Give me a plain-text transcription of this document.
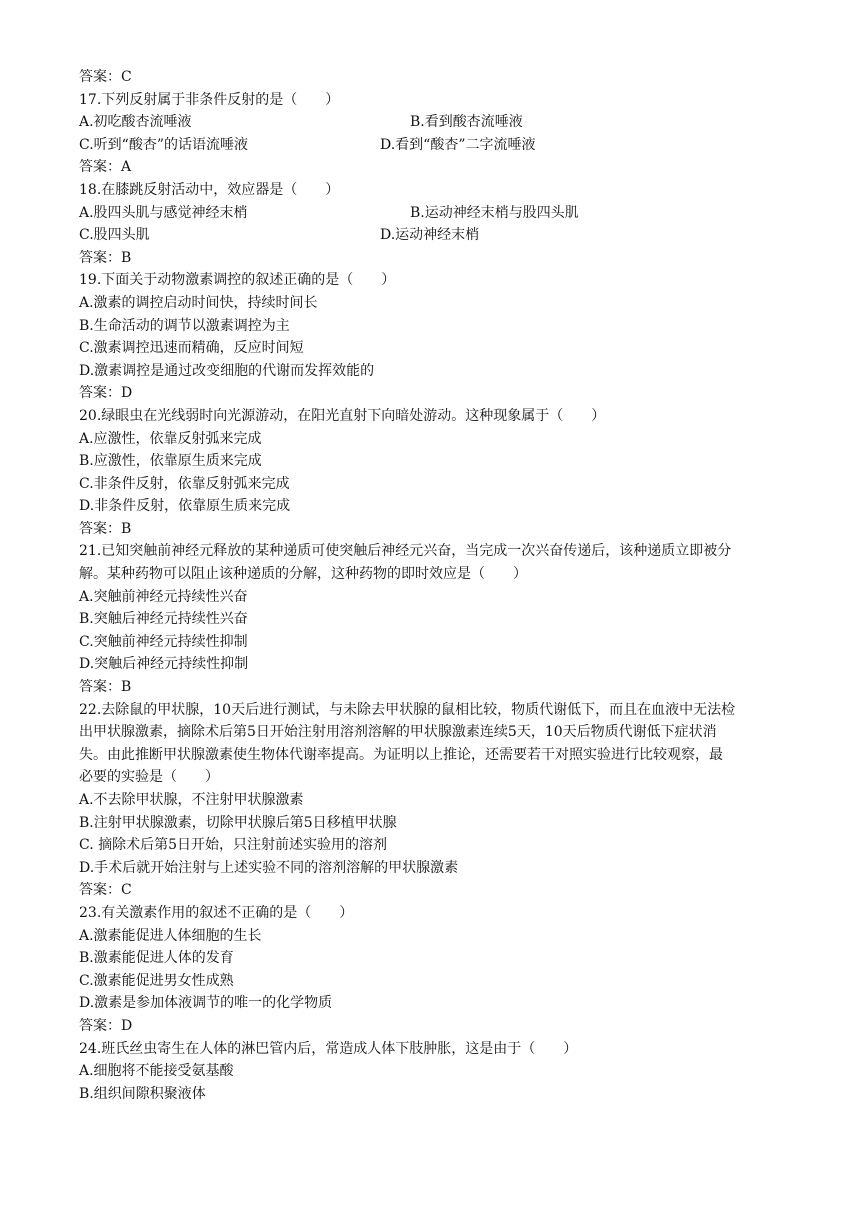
答案：C
17.下列反射属于非条件反射的是（　　）
A.初吃酸杏流唾液	B.看到酸杏流唾液
C.听到“酸杏”的话语流唾液	D.看到“酸杏”二字流唾液
答案：A
18.在膝跳反射活动中，效应器是（　　）
A.股四头肌与感觉神经末梢	B.运动神经末梢与股四头肌
C.股四头肌	D.运动神经末梢
答案：B
19.下面关于动物激素调控的叙述正确的是（　　）
A.激素的调控启动时间快，持续时间长
B.生命活动的调节以激素调控为主
C.激素调控迅速而精确，反应时间短
D.激素调控是通过改变细胞的代谢而发挥效能的
答案：D
20.绿眼虫在光线弱时向光源游动，在阳光直射下向暗处游动。这种现象属于（　　）
A.应激性，依靠反射弧来完成
B.应激性，依靠原生质来完成
C.非条件反射，依靠反射弧来完成
D.非条件反射，依靠原生质来完成
答案：B
21.已知突触前神经元释放的某种递质可使突触后神经元兴奋，当完成一次兴奋传递后，该种递质立即被分
解。某种药物可以阻止该种递质的分解，这种药物的即时效应是（　　）
A.突触前神经元持续性兴奋
B.突触后神经元持续性兴奋
C.突触前神经元持续性抑制
D.突触后神经元持续性抑制
答案：B
22.去除鼠的甲状腺，10天后进行测试，与未除去甲状腺的鼠相比较，物质代谢低下，而且在血液中无法检
出甲状腺激素，摘除术后第5日开始注射用溶剂溶解的甲状腺激素连续5天，10天后物质代谢低下症状消
失。由此推断甲状腺激素使生物体代谢率提高。为证明以上推论，还需要若干对照实验进行比较观察，最
必要的实验是（　　）
A.不去除甲状腺，不注射甲状腺激素
B.注射甲状腺激素，切除甲状腺后第5日移植甲状腺
C. 摘除术后第5日开始，只注射前述实验用的溶剂
D.手术后就开始注射与上述实验不同的溶剂溶解的甲状腺激素
答案：C
23.有关激素作用的叙述不正确的是（　　）
A.激素能促进人体细胞的生长
B.激素能促进人体的发育
C.激素能促进男女性成熟
D.激素是参加体液调节的唯一的化学物质
答案：D
24.班氏丝虫寄生在人体的淋巴管内后，常造成人体下肢肿胀，这是由于（　　）
A.细胞将不能接受氨基酸
B.组织间隙积聚液体
